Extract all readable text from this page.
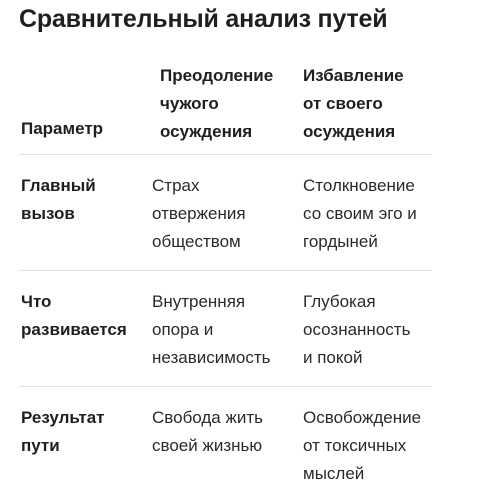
Сравнительный анализ путей
Параметр
Преодоление
чужого
осуждения
Избавление
от своего
осуждения
Главный
вызов
Страх
отвержения
обществом
Столкновение
со своим эго и
гордыней
Что
развивается
Внутренняя
опора и
независимость
Глубокая
осознанность
и покой
Результат
пути
Свобода жить
своей жизнью
Освобождение
от токсичных
мыслей
